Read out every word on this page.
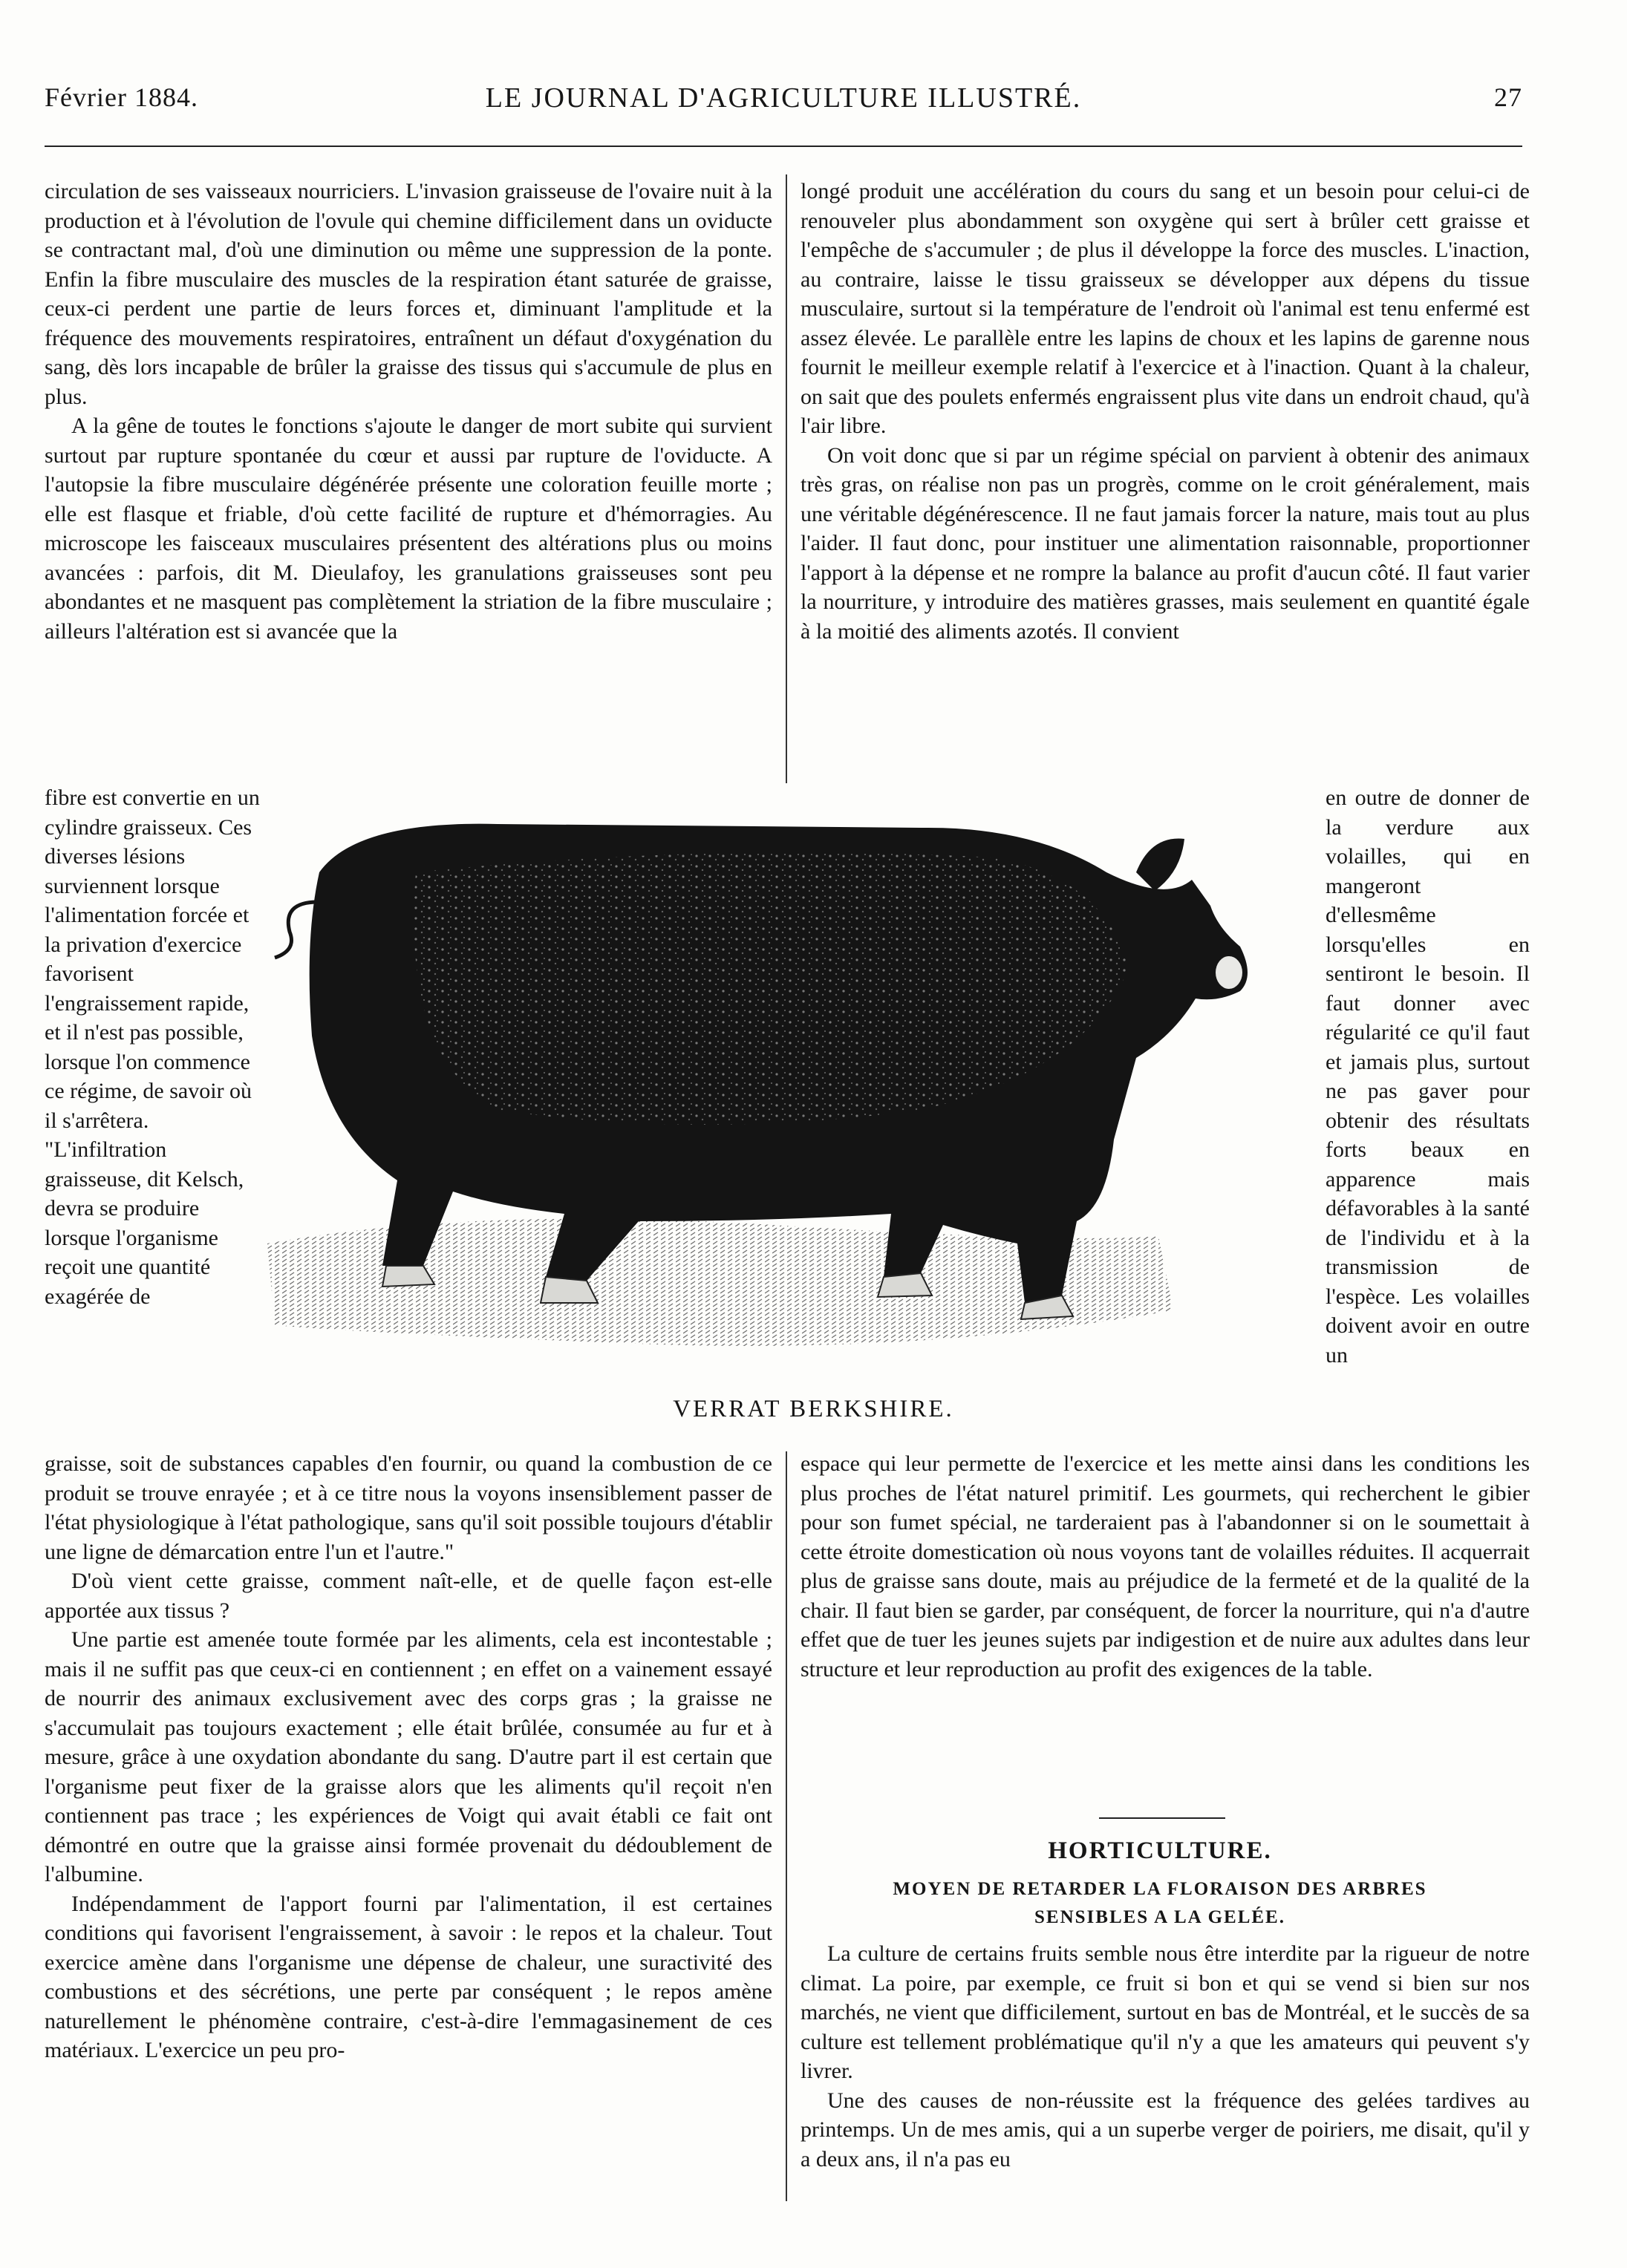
Février 1884.	LE JOURNAL D'AGRICULTURE ILLUSTRÉ.	27

circulation de ses vaisseaux nourriciers. L'invasion graisseuse de l'ovaire nuit à la production et à l'évolution de l'ovule qui chemine difficilement dans un oviducte se contractant mal, d'où une diminution ou même une suppression de la ponte. Enfin la fibre musculaire des muscles de la respiration étant saturée de graisse, ceux-ci perdent une partie de leurs forces et, diminuant l'amplitude et la fréquence des mouvements respiratoires, entraînent un défaut d'oxygénation du sang, dès lors incapable de brûler la graisse des tissus qui s'accumule de plus en plus.

A la gêne de toutes le fonctions s'ajoute le danger de mort subite qui survient surtout par rupture spontanée du cœur et aussi par rupture de l'oviducte. A l'autopsie la fibre musculaire dégénérée présente une coloration feuille morte ; elle est flasque et friable, d'où cette facilité de rupture et d'hémorragies. Au microscope les faisceaux musculaires présentent des altérations plus ou moins avancées : parfois, dit M. Dieulafoy, les granulations graisseuses sont peu abondantes et ne masquent pas complètement la striation de la fibre musculaire ; ailleurs l'altération est si avancée que la

longé produit une accélération du cours du sang et un besoin pour celui-ci de renouveler plus abondamment son oxygène qui sert à brûler cett graisse et l'empêche de s'accumuler ; de plus il développe la force des muscles. L'inaction, au contraire, laisse le tissu graisseux se développer aux dépens du tissue musculaire, surtout si la température de l'endroit où l'animal est tenu enfermé est assez élevée. Le parallèle entre les lapins de choux et les lapins de garenne nous fournit le meilleur exemple relatif à l'exercice et à l'inaction. Quant à la chaleur, on sait que des poulets enfermés engraissent plus vite dans un endroit chaud, qu'à l'air libre.

On voit donc que si par un régime spécial on parvient à obtenir des animaux très gras, on réalise non pas un progrès, comme on le croit généralement, mais une véritable dégénérescence. Il ne faut jamais forcer la nature, mais tout au plus l'aider. Il faut donc, pour instituer une alimentation raisonnable, proportionner l'apport à la dépense et ne rompre la balance au profit d'aucun côté. Il faut varier la nourriture, y introduire des matières grasses, mais seulement en quantité égale à la moitié des aliments azotés. Il convient

fibre est convertie en un cylindre graisseux. Ces diverses lésions surviennent lorsque l'alimentation forcée et la privation d'exercice favorisent l'engraissement rapide, et il n'est pas possible, lorsque l'on commence ce régime, de savoir où il s'arrêtera. "L'infiltration graisseuse, dit Kelsch, devra se produire lorsque l'organisme reçoit une quantité exagérée de
en outre de donner de la verdure aux volailles, qui en mangeront d'ellesmême lorsqu'elles en sentiront le besoin. Il faut donner avec régularité ce qu'il faut et jamais plus, surtout ne pas gaver pour obtenir des résultats forts beaux en apparence mais défavorables à la santé de l'individu et à la transmission de l'espèce. Les volailles doivent avoir en outre un
VERRAT BERKSHIRE.

graisse, soit de substances capables d'en fournir, ou quand la combustion de ce produit se trouve enrayée ; et à ce titre nous la voyons insensiblement passer de l'état physiologique à l'état pathologique, sans qu'il soit possible toujours d'établir une ligne de démarcation entre l'un et l'autre."

D'où vient cette graisse, comment naît-elle, et de quelle façon est-elle apportée aux tissus ?

Une partie est amenée toute formée par les aliments, cela est incontestable ; mais il ne suffit pas que ceux-ci en contiennent ; en effet on a vainement essayé de nourrir des animaux exclusivement avec des corps gras ; la graisse ne s'accumulait pas toujours exactement ; elle était brûlée, consumée au fur et à mesure, grâce à une oxydation abondante du sang. D'autre part il est certain que l'organisme peut fixer de la graisse alors que les aliments qu'il reçoit n'en contiennent pas trace ; les expériences de Voigt qui avait établi ce fait ont démontré en outre que la graisse ainsi formée provenait du dédoublement de l'albumine.

Indépendamment de l'apport fourni par l'alimentation, il est certaines conditions qui favorisent l'engraissement, à savoir : le repos et la chaleur. Tout exercice amène dans l'organisme une dépense de chaleur, une suractivité des combustions et des sécrétions, une perte par conséquent ; le repos amène naturellement le phénomène contraire, c'est-à-dire l'emmagasinement de ces matériaux. L'exercice un peu pro-

espace qui leur permette de l'exercice et les mette ainsi dans les conditions les plus proches de l'état naturel primitif. Les gourmets, qui recherchent le gibier pour son fumet spécial, ne tarderaient pas à l'abandonner si on le soumettait à cette étroite domestication où nous voyons tant de volailles réduites. Il acquerrait plus de graisse sans doute, mais au préjudice de la fermeté et de la qualité de la chair. Il faut bien se garder, par conséquent, de forcer la nourriture, qui n'a d'autre effet que de tuer les jeunes sujets par indigestion et de nuire aux adultes dans leur structure et leur reproduction au profit des exigences de la table.

HORTICULTURE.
MOYEN DE RETARDER LA FLORAISON DES ARBRES
SENSIBLES A LA GELÉE.

La culture de certains fruits semble nous être interdite par la rigueur de notre climat. La poire, par exemple, ce fruit si bon et qui se vend si bien sur nos marchés, ne vient que difficilement, surtout en bas de Montréal, et le succès de sa culture est tellement problématique qu'il n'y a que les amateurs qui peuvent s'y livrer.

Une des causes de non-réussite est la fréquence des gelées tardives au printemps. Un de mes amis, qui a un superbe verger de poiriers, me disait, qu'il y a deux ans, il n'a pas eu
